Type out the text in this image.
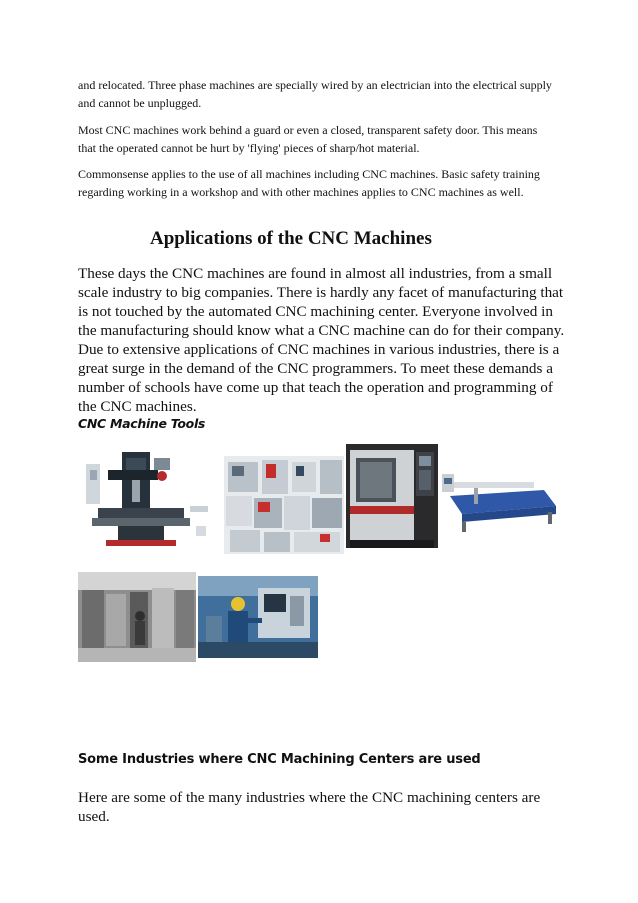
and relocated. Three phase machines are specially wired by an electrician into the electrical supply and cannot be unplugged.

Most CNC machines work behind a guard or even a closed, transparent safety door. This means that the operated cannot be hurt by 'flying' pieces of sharp/hot material.

Commonsense applies to the use of all machines including CNC machines. Basic safety training regarding working in a workshop and with other machines applies to CNC machines as well.

Applications of the CNC Machines

These days the CNC machines are found in almost all industries, from a small scale industry to big companies. There is hardly any facet of manufacturing that is not touched by the automated CNC machining center. Everyone involved in the manufacturing should know what a CNC machine can do for their company. Due to extensive applications of CNC machines in various industries, there is a great surge in the demand of the CNC programmers. To meet these demands a number of schools have come up that teach the operation and programming of the CNC machines.

CNC Machine Tools

Some Industries where CNC Machining Centers are used

Here are some of the many industries where the CNC machining centers are used.
